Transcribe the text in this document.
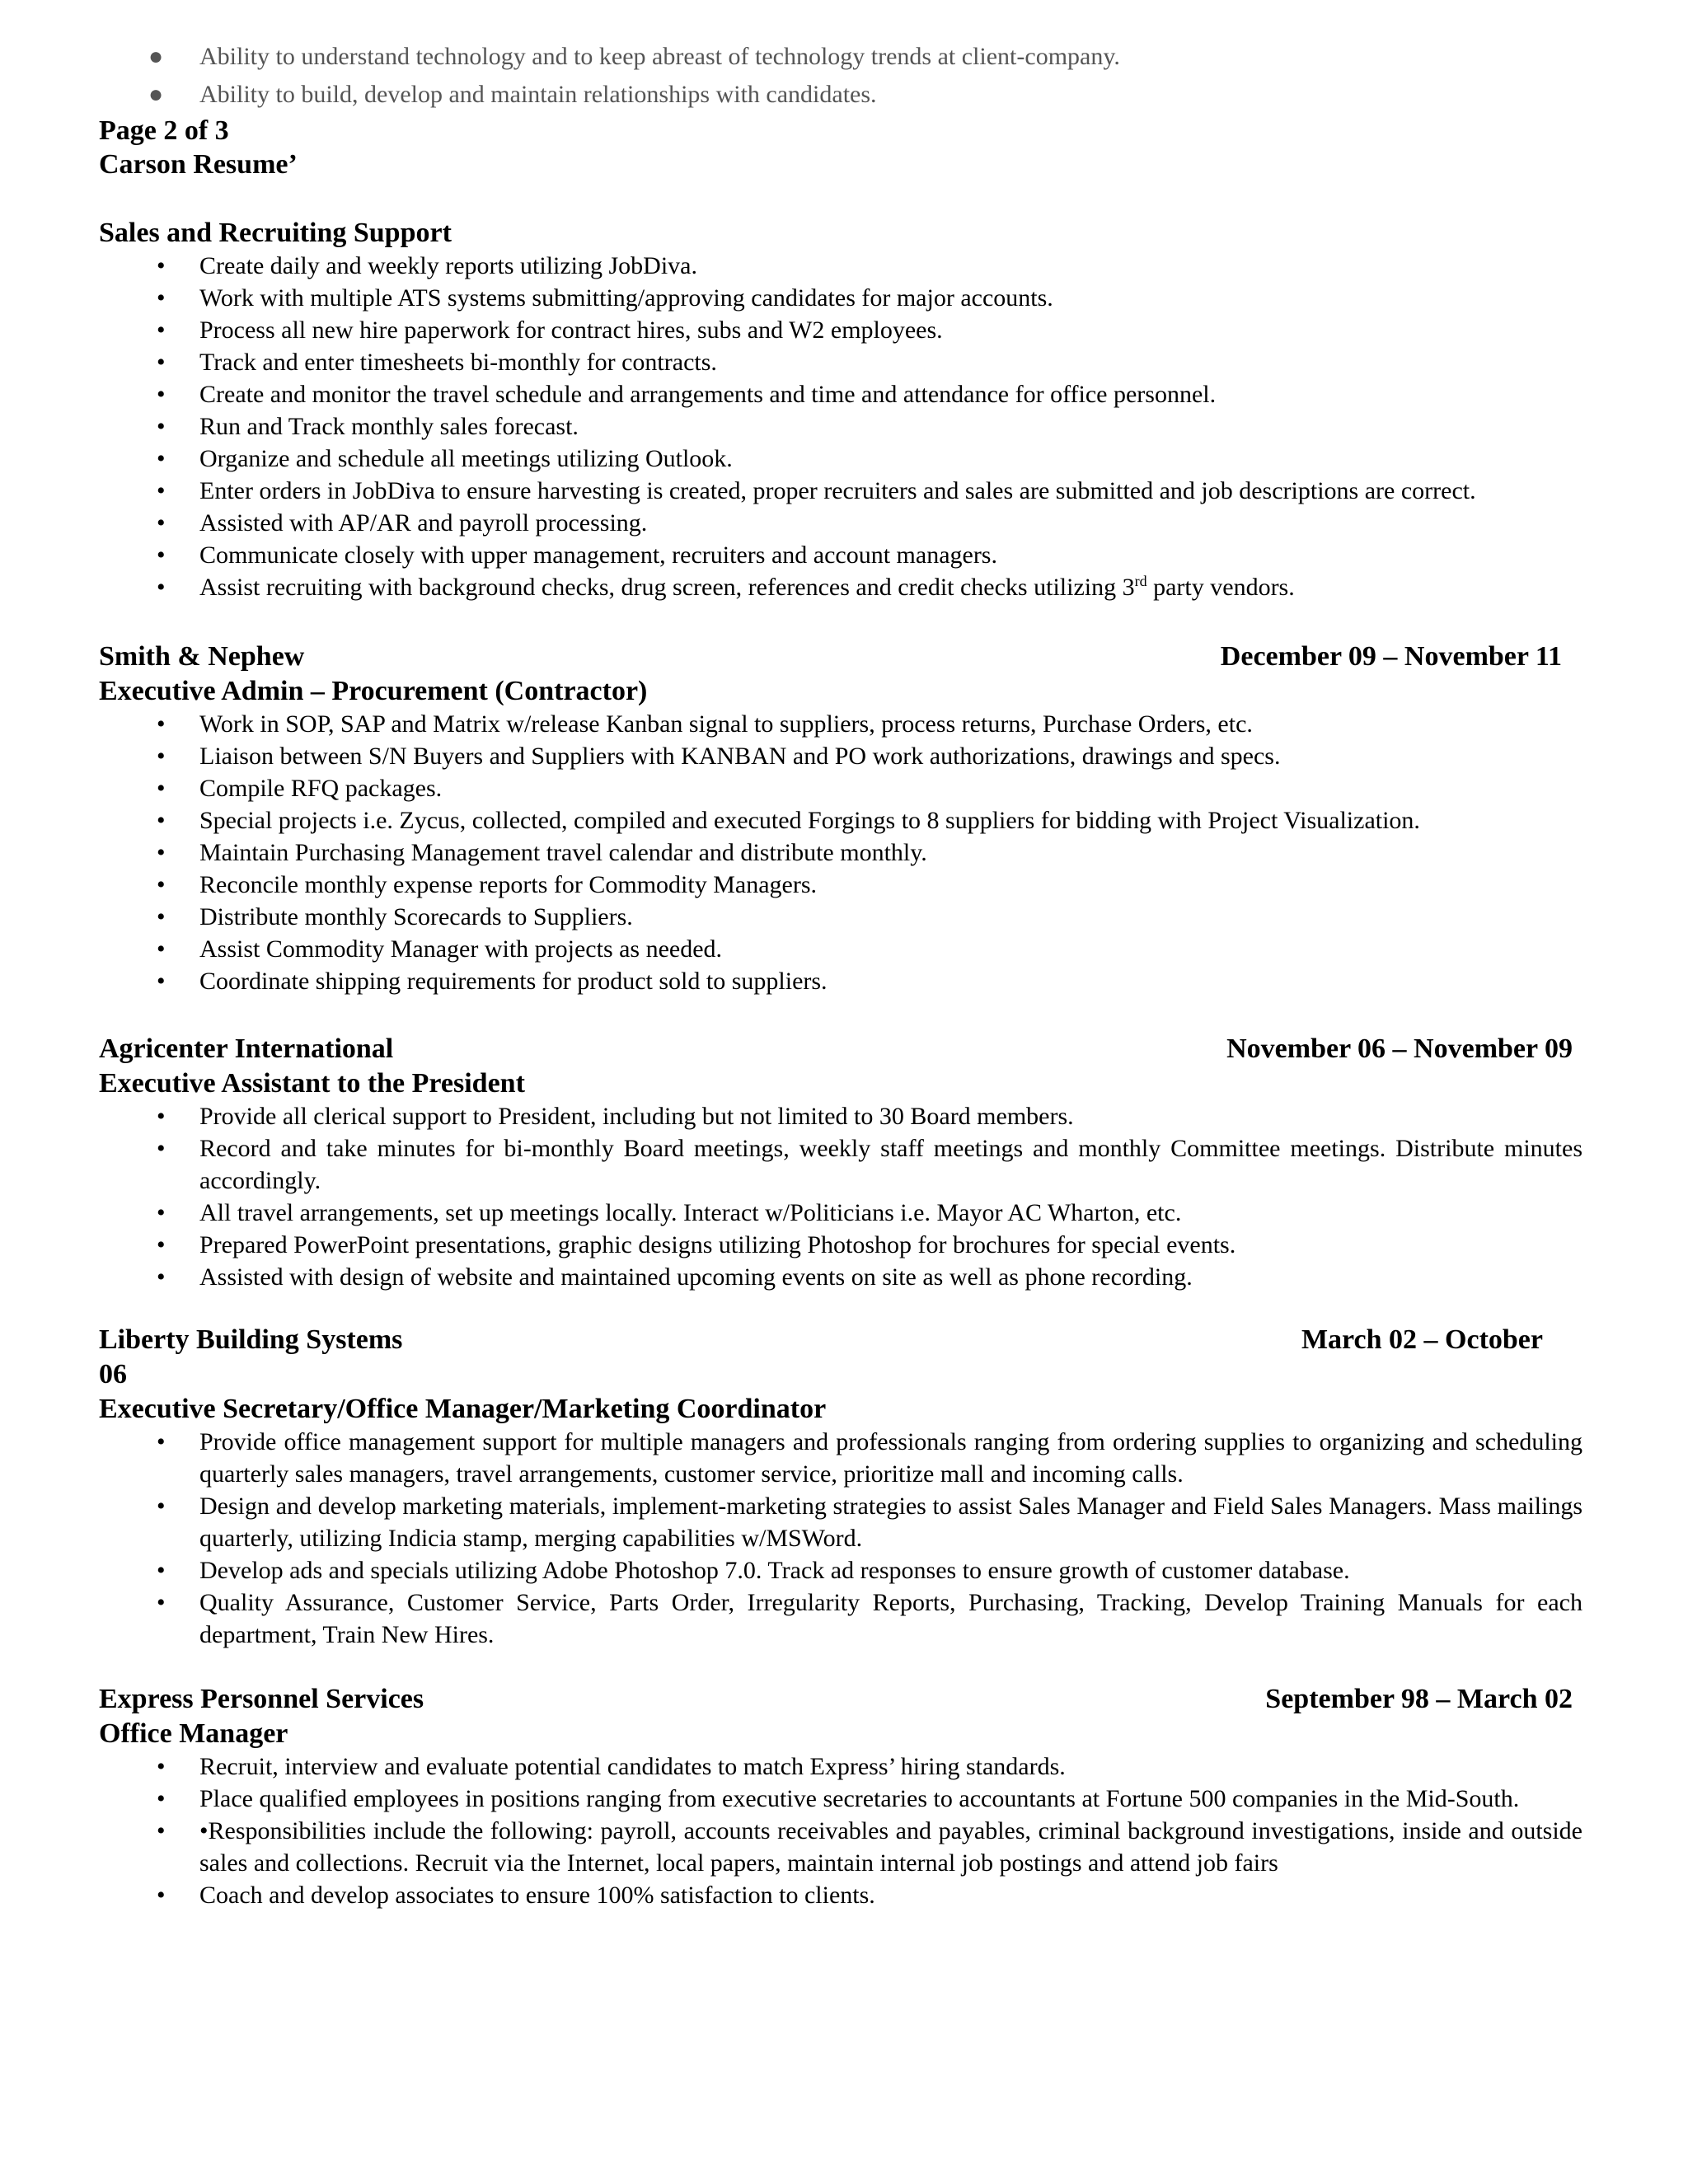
● Ability to understand technology and to keep abreast of technology trends at client-company.
● Ability to build, develop and maintain relationships with candidates.
Page 2 of 3
Carson Resume’
Sales and Recruiting Support
• Create daily and weekly reports utilizing JobDiva.
• Work with multiple ATS systems submitting/approving candidates for major accounts.
• Process all new hire paperwork for contract hires, subs and W2 employees.
• Track and enter timesheets bi-monthly for contracts.
• Create and monitor the travel schedule and arrangements and time and attendance for office personnel.
• Run and Track monthly sales forecast.
• Organize and schedule all meetings utilizing Outlook.
• Enter orders in JobDiva to ensure harvesting is created, proper recruiters and sales are submitted and job descriptions are correct.
• Assisted with AP/AR and payroll processing.
• Communicate closely with upper management, recruiters and account managers.
• Assist recruiting with background checks, drug screen, references and credit checks utilizing 3rd party vendors.
Smith & Nephew	December 09 – November 11
Executive Admin – Procurement (Contractor)
• Work in SOP, SAP and Matrix w/release Kanban signal to suppliers, process returns, Purchase Orders, etc.
• Liaison between S/N Buyers and Suppliers with KANBAN and PO work authorizations, drawings and specs.
• Compile RFQ packages.
• Special projects i.e. Zycus, collected, compiled and executed Forgings to 8 suppliers for bidding with Project Visualization.
• Maintain Purchasing Management travel calendar and distribute monthly.
• Reconcile monthly expense reports for Commodity Managers.
• Distribute monthly Scorecards to Suppliers.
• Assist Commodity Manager with projects as needed.
• Coordinate shipping requirements for product sold to suppliers.
Agricenter International	November 06 – November 09
Executive Assistant to the President
• Provide all clerical support to President, including but not limited to 30 Board members.
• Record and take minutes for bi-monthly Board meetings, weekly staff meetings and monthly Committee meetings. Distribute minutes accordingly.
• All travel arrangements, set up meetings locally. Interact w/Politicians i.e. Mayor AC Wharton, etc.
• Prepared PowerPoint presentations, graphic designs utilizing Photoshop for brochures for special events.
• Assisted with design of website and maintained upcoming events on site as well as phone recording.
Liberty Building Systems	March 02 – October
06
Executive Secretary/Office Manager/Marketing Coordinator
• Provide office management support for multiple managers and professionals ranging from ordering supplies to organizing and scheduling quarterly sales managers, travel arrangements, customer service, prioritize mall and incoming calls.
• Design and develop marketing materials, implement-marketing strategies to assist Sales Manager and Field Sales Managers. Mass mailings quarterly, utilizing Indicia stamp, merging capabilities w/MSWord.
• Develop ads and specials utilizing Adobe Photoshop 7.0. Track ad responses to ensure growth of customer database.
• Quality Assurance, Customer Service, Parts Order, Irregularity Reports, Purchasing, Tracking, Develop Training Manuals for each department, Train New Hires.
Express Personnel Services	September 98 – March 02
Office Manager
• Recruit, interview and evaluate potential candidates to match Express’ hiring standards.
• Place qualified employees in positions ranging from executive secretaries to accountants at Fortune 500 companies in the Mid-South.
• •Responsibilities include the following: payroll, accounts receivables and payables, criminal background investigations, inside and outside sales and collections. Recruit via the Internet, local papers, maintain internal job postings and attend job fairs
• Coach and develop associates to ensure 100% satisfaction to clients.
